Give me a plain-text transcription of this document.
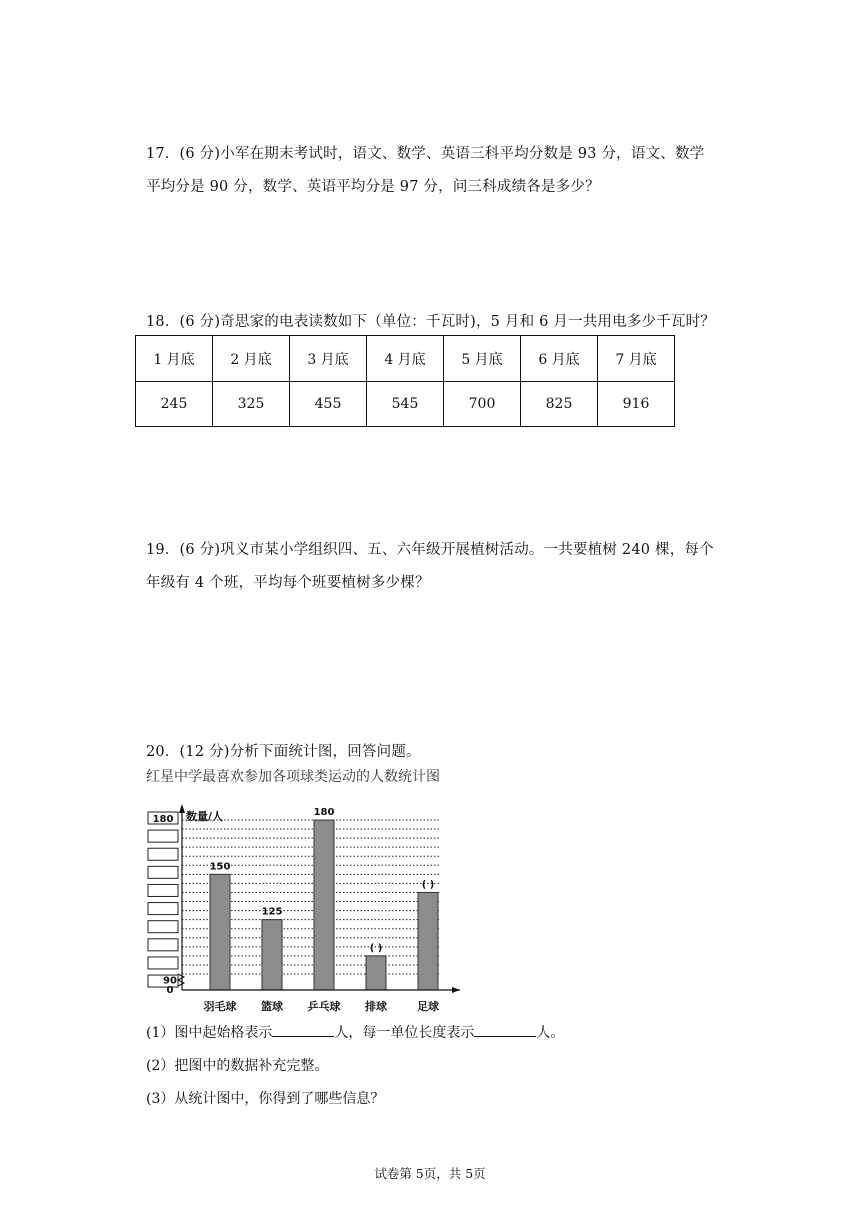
17．(6 分)小军在期末考试时，语文、数学、英语三科平均分数是 93 分，语文、数学
平均分是 90 分，数学、英语平均分是 97 分，问三科成绩各是多少？
18．(6 分)奇思家的电表读数如下（单位：千瓦时)，5 月和 6 月一共用电多少千瓦时？
1 月底	2 月底	3 月底	4 月底	5 月底	6 月底	7 月底
245	325	455	545	700	825	916
19．(6 分)巩义市某小学组织四、五、六年级开展植树活动。一共要植树 240 棵，每个
年级有 4 个班，平均每个班要植树多少棵？
20．(12 分)分析下面统计图，回答问题。
红星中学最喜欢参加各项球类运动的人数统计图
150
羽毛球
125
篮球
180
乒乓球
( )
排球
( )
足球
数量/人
180
90
0
(1）图中起始格表示	人，每一单位长度表示	人。
(2）把图中的数据补充完整。
(3）从统计图中，你得到了哪些信息？
试卷第 5页，共 5页
